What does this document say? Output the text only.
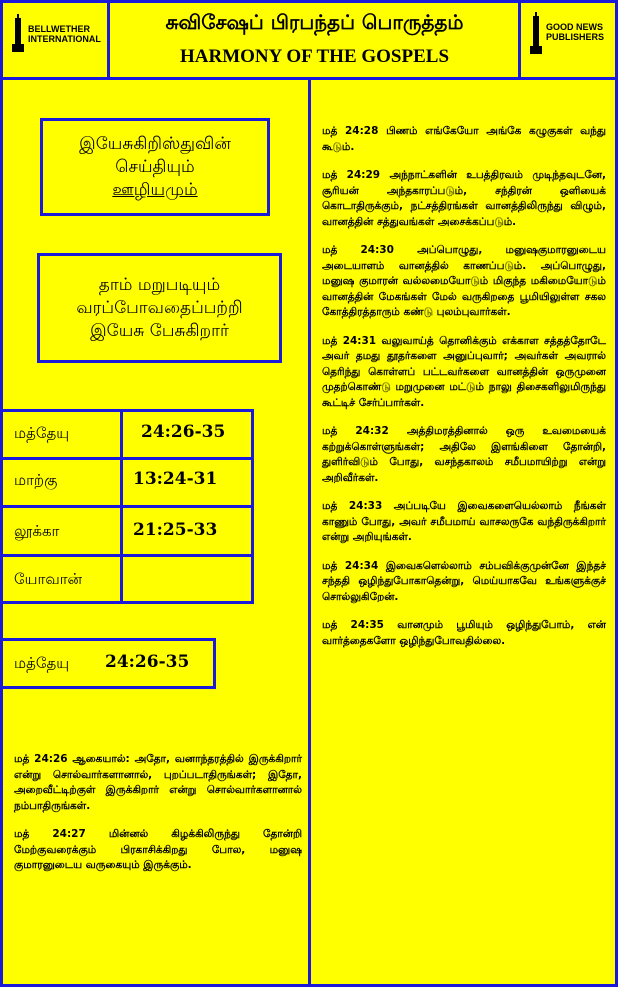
BELLWETHER INTERNATIONAL
GOOD NEWS PUBLISHERS
சுவிசேஷப் பிரபந்தப் பொருத்தம்
HARMONY OF THE GOSPELS
இயேசுகிறிஸ்துவின்
செய்தியும்
ஊழியமும்
தாம் மறுபடியும்
வரப்போவதைப்பற்றி
இயேசு பேசுகிறார்
மத்தேயு	24:26-35
மாற்கு	13:24-31
லூக்கா	21:25-33
யோவான்
மத்தேயு 24:26-35

மத் 24:26 ஆகையால்: அதோ, வனாந்தரத்தில் இருக்கிறார் என்று சொல்வார்களானால், புறப்படாதிருங்கள்; இதோ, அறைவீட்டிற்குள் இருக்கிறார் என்று சொல்வார்களானால் நம்பாதிருங்கள்.

மத் 24:27 மின்னல் கிழக்கிலிருந்து தோன்றி மேற்குவரைக்கும் பிரகாசிக்கிறது போல, மனுஷ குமாரனுடைய வருகையும் இருக்கும்.

மத் 24:28 பிணம் எங்கேயோ அங்கே கழுகுகள் வந்து கூடும்.

மத் 24:29 அந்நாட்களின் உபத்திரவம் முடிந்தவுடனே, சூரியன் அந்தகாரப்படும், சந்திரன் ஒளியைக் கொடாதிருக்கும், நட்சத்திரங்கள் வானத்திலிருந்து விழும், வானத்தின் சத்துவங்கள் அசைக்கப்படும்.

மத் 24:30 அப்பொழுது, மனுஷகுமாரனுடைய அடையாளம் வானத்தில் காணப்படும். அப்பொழுது, மனுஷ குமாரன் வல்லமையோடும் மிகுந்த மகிமையோடும் வானத்தின் மேகங்கள் மேல் வருகிறதை பூமியிலுள்ள சகல கோத்திரத்தாரும் கண்டு புலம்புவார்கள்.

மத் 24:31 வலுவாய்த் தொனிக்கும் எக்காள சத்தத்தோடே அவர் தமது தூதர்களை அனுப்புவார்; அவர்கள் அவரால் தெரிந்து கொள்ளப் பட்டவர்களை வானத்தின் ஒருமுனை முதற்கொண்டு மறுமுனை மட்டும் நாலு திசைகளிலுமிருந்து கூட்டிச் சேர்ப்பார்கள்.

மத் 24:32 அத்திமரத்தினால் ஒரு உவமையைக் கற்றுக்கொள்ளுங்கள்; அதிலே இளங்கிளை தோன்றி, துளிர்விடும் போது, வசந்தகாலம் சமீபமாயிற்று என்று அறிவீர்கள்.

மத் 24:33 அப்படியே இவைகளையெல்லாம் நீங்கள் காணும் போது, அவர் சமீபமாய் வாசலருகே வந்திருக்கிறார் என்று அறியுங்கள்.

மத் 24:34 இவைகளெல்லாம் சம்பவிக்குமுன்னே இந்தச் சந்ததி ஒழிந்துபோகாதென்று, மெய்யாகவே உங்களுக்குச் சொல்லுகிறேன்.

மத் 24:35 வானமும் பூமியும் ஒழிந்துபோம், என் வார்த்தைகளோ ஒழிந்துபோவதில்லை.
